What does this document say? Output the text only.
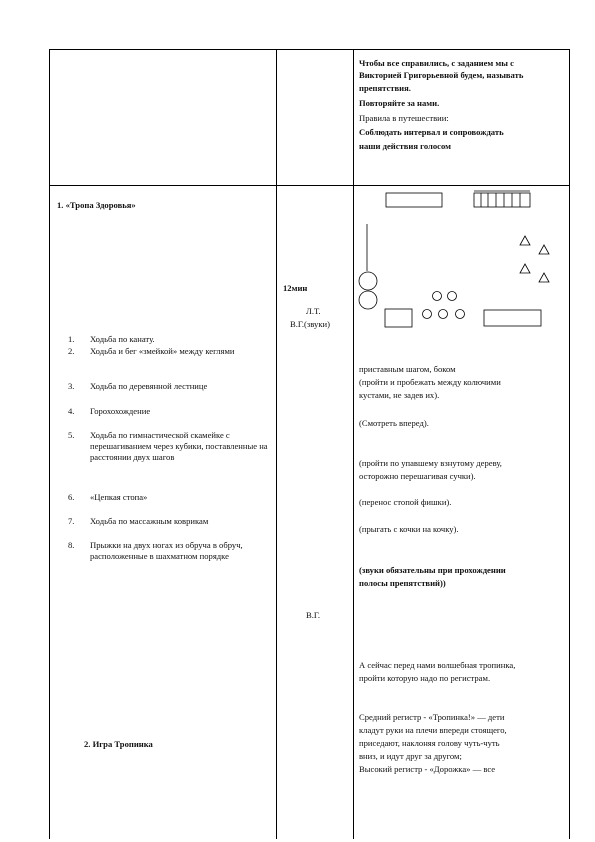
Чтобы все справились, с заданием мы с
Викторией Григорьевной будем, называть
препятствия.
Повторяйте за нами.
Правила в путешествии:
Соблюдать интервал и сопровождать
наши действия голосом
1. «Тропа Здоровья»
1. Ходьба по канату.
2. Ходьба и бег «змейкой» между кеглями
3. Ходьба по деревянной лестнице
4. Горохохождение
5. Ходьба по гимнастической скамейке с перешагиванием через кубики, поставленные на расстоянии двух шагов
6. «Цепкая стопа»
7. Ходьба по массажным коврикам
8. Прыжки на двух ногах из обруча в обруч, расположенные в шахматном порядке
2. Игра Тропинка
12мин
Л.Т.
В.Г.(звуки)
В.Г.
приставным шагом, боком
(пройти и пробежать между колючими
кустами, не задев их).
(Смотреть вперед).
(пройти по упавшему взнутому дереву,
осторожно перешагивая сучки).
(перенос стопой фишки).
(прыгать с кочки на кочку).
(звуки обязательны при прохождении
полосы препятствий))
А сейчас перед нами волшебная тропинка,
пройти которую надо по регистрам.
Средний регистр - «Тропинка!» — дети
кладут руки на плечи впереди стоящего,
приседают, наклоняя голову чуть-чуть
вниз, и идут друг за другом;
Высокий регистр - «Дорожка» — все
